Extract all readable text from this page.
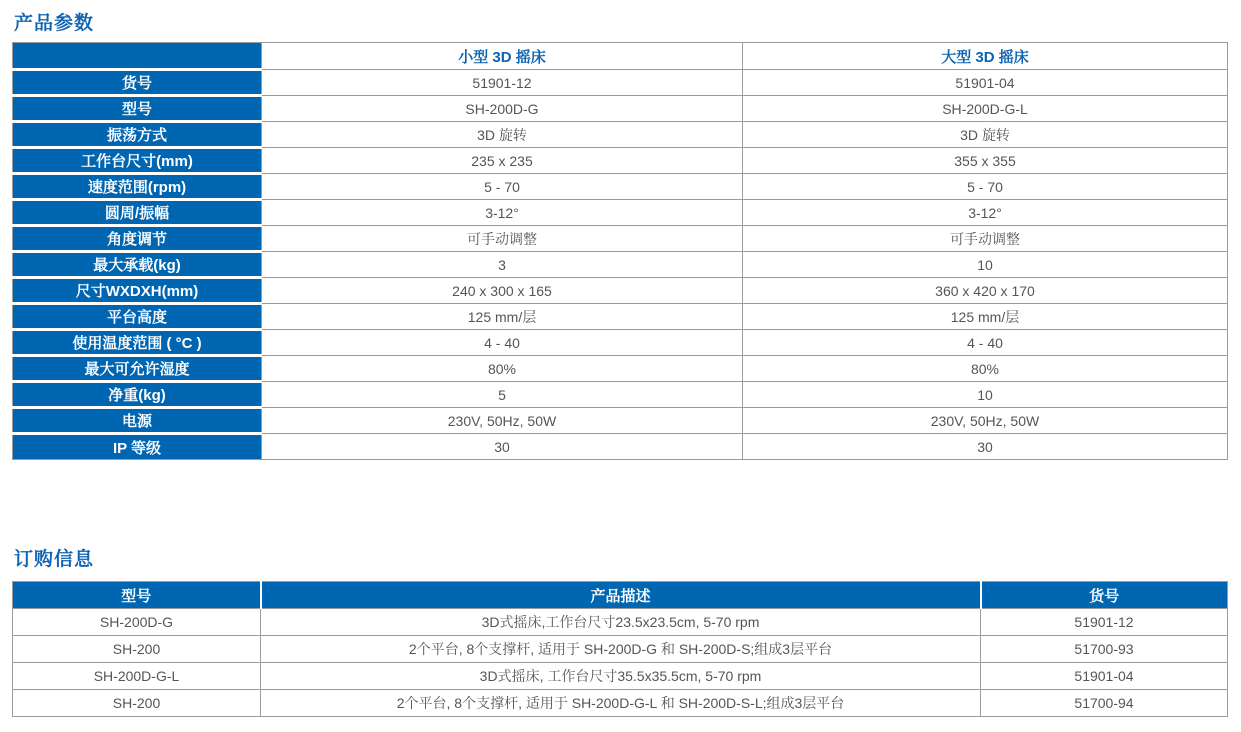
产品参数
	小型 3D 摇床	大型 3D 摇床
货号	51901-12	51901-04
型号	SH-200D-G	SH-200D-G-L
振荡方式	3D 旋转	3D 旋转
工作台尺寸(mm)	235 x 235	355 x 355
速度范围(rpm)	5 - 70	5 - 70
圆周/振幅	3-12°	3-12°
角度调节	可手动调整	可手动调整
最大承载(kg)	3	10
尺寸WXDXH(mm)	240 x 300 x 165	360 x 420 x 170
平台高度	125 mm/层	125 mm/层
使用温度范围 ( °C )	4 - 40	4 - 40
最大可允许湿度	80%	80%
净重(kg)	5	10
电源	230V, 50Hz, 50W	230V, 50Hz, 50W
IP 等级	30	30
订购信息
型号	产品描述	货号
SH-200D-G	3D式摇床,工作台尺寸23.5x23.5cm, 5-70 rpm	51901-12
SH-200	2个平台, 8个支撑杆, 适用于 SH-200D-G 和 SH-200D-S;组成3层平台	51700-93
SH-200D-G-L	3D式摇床, 工作台尺寸35.5x35.5cm, 5-70 rpm	51901-04
SH-200	2个平台, 8个支撑杆, 适用于 SH-200D-G-L 和 SH-200D-S-L;组成3层平台	51700-94
